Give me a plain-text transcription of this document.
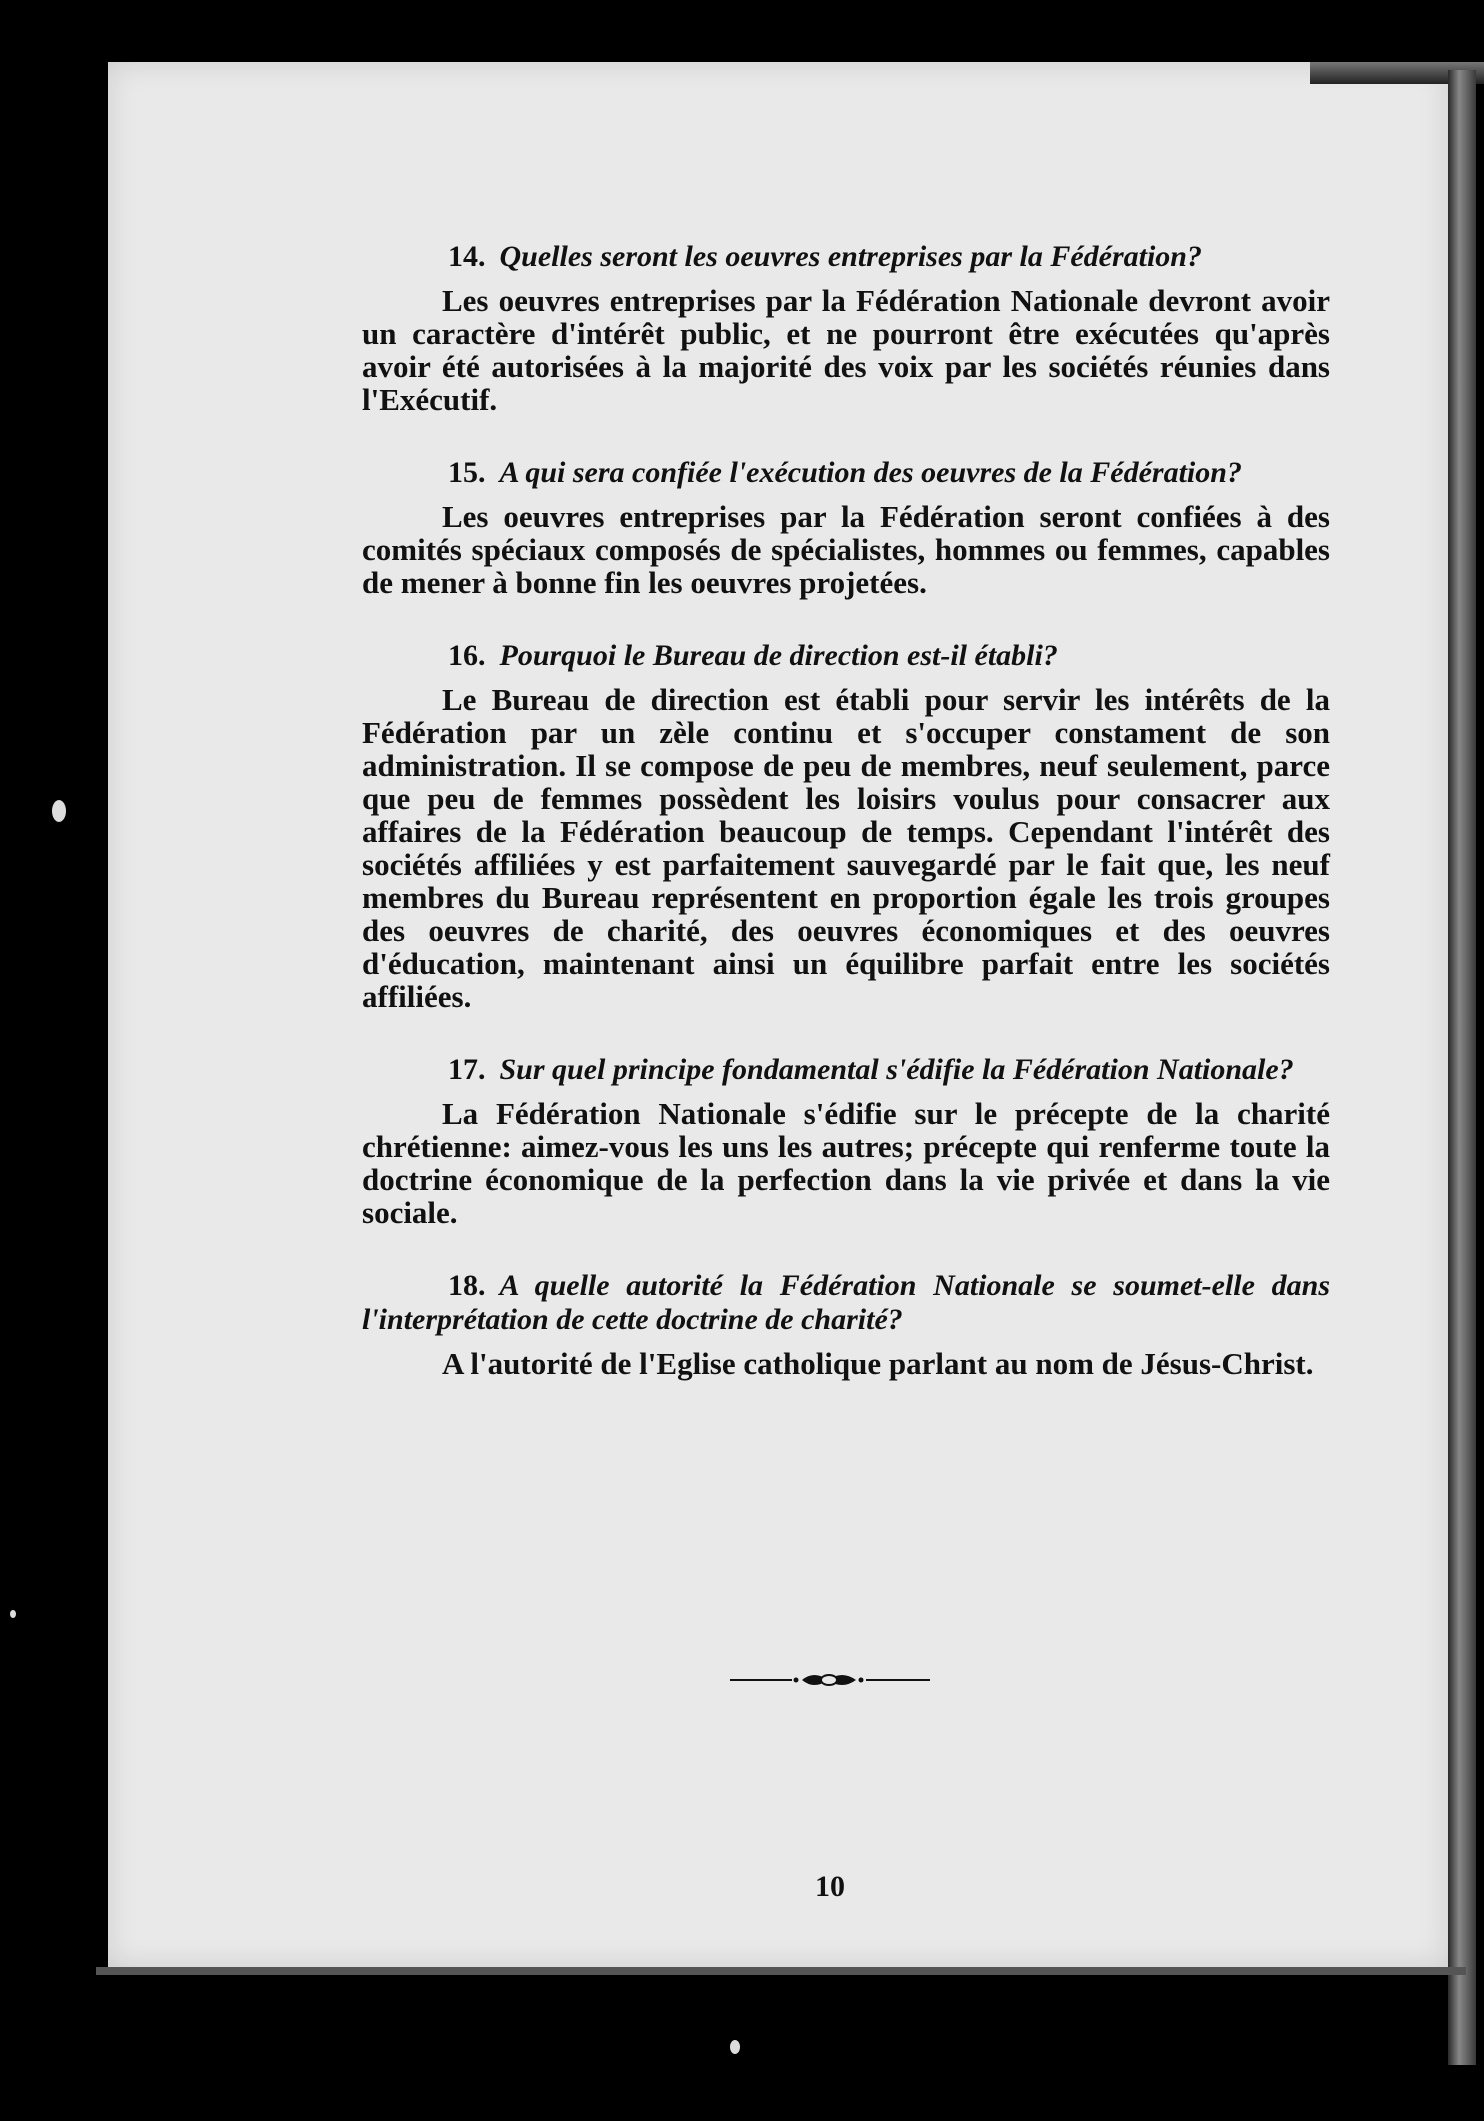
14. Quelles seront les oeuvres entreprises par la Fédération?

Les oeuvres entreprises par la Fédération Nationale devront avoir un caractère d'intérêt public, et ne pourront être exécutées qu'après avoir été autorisées à la majorité des voix par les sociétés réunies dans l'Exécutif.

15. A qui sera confiée l'exécution des oeuvres de la Fédération?

Les oeuvres entreprises par la Fédération seront confiées à des comités spéciaux composés de spécialistes, hommes ou femmes, capables de mener à bonne fin les oeuvres projetées.

16. Pourquoi le Bureau de direction est-il établi?

Le Bureau de direction est établi pour servir les intérêts de la Fédération par un zèle continu et s'occuper constament de son administration. Il se compose de peu de membres, neuf seulement, parce que peu de femmes possèdent les loisirs voulus pour consacrer aux affaires de la Fédération beaucoup de temps. Cependant l'intérêt des sociétés affiliées y est parfaitement sauvegardé par le fait que, les neuf membres du Bureau représentent en proportion égale les trois groupes des oeuvres de charité, des oeuvres économiques et des oeuvres d'éducation, maintenant ainsi un équilibre parfait entre les sociétés affiliées.

17. Sur quel principe fondamental s'édifie la Fédération Nationale?

La Fédération Nationale s'édifie sur le précepte de la charité chrétienne: aimez-vous les uns les autres; précepte qui renferme toute la doctrine économique de la perfection dans la vie privée et dans la vie sociale.

18. A quelle autorité la Fédération Nationale se soumet-elle dans l'interprétation de cette doctrine de charité?

A l'autorité de l'Eglise catholique parlant au nom de Jésus-Christ.

10
